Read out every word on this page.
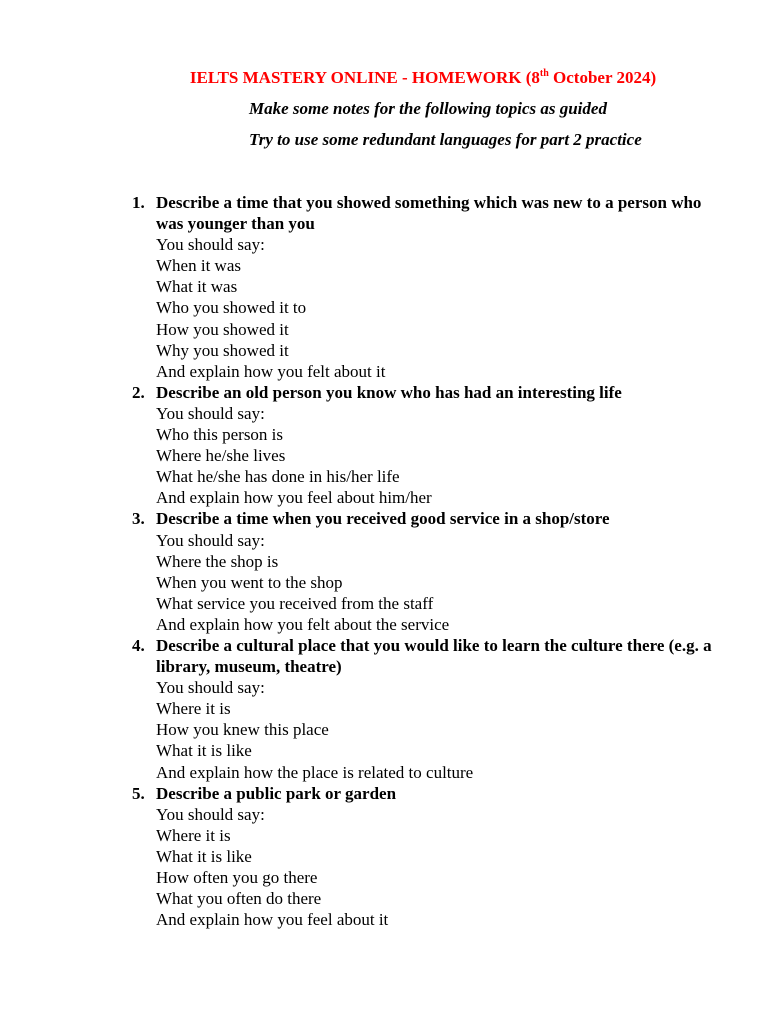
IELTS MASTERY ONLINE - HOMEWORK (8th October 2024)
Make some notes for the following topics as guided
Try to use some redundant languages for part 2 practice
1. Describe a time that you showed something which was new to a person who was younger than you
You should say:
When it was
What it was
Who you showed it to
How you showed it
Why you showed it
And explain how you felt about it
2. Describe an old person you know who has had an interesting life
You should say:
Who this person is
Where he/she lives
What he/she has done in his/her life
And explain how you feel about him/her
3. Describe a time when you received good service in a shop/store
You should say:
Where the shop is
When you went to the shop
What service you received from the staff
And explain how you felt about the service
4. Describe a cultural place that you would like to learn the culture there (e.g. a library, museum, theatre)
You should say:
Where it is
How you knew this place
What it is like
And explain how the place is related to culture
5. Describe a public park or garden
You should say:
Where it is
What it is like
How often you go there
What you often do there
And explain how you feel about it
